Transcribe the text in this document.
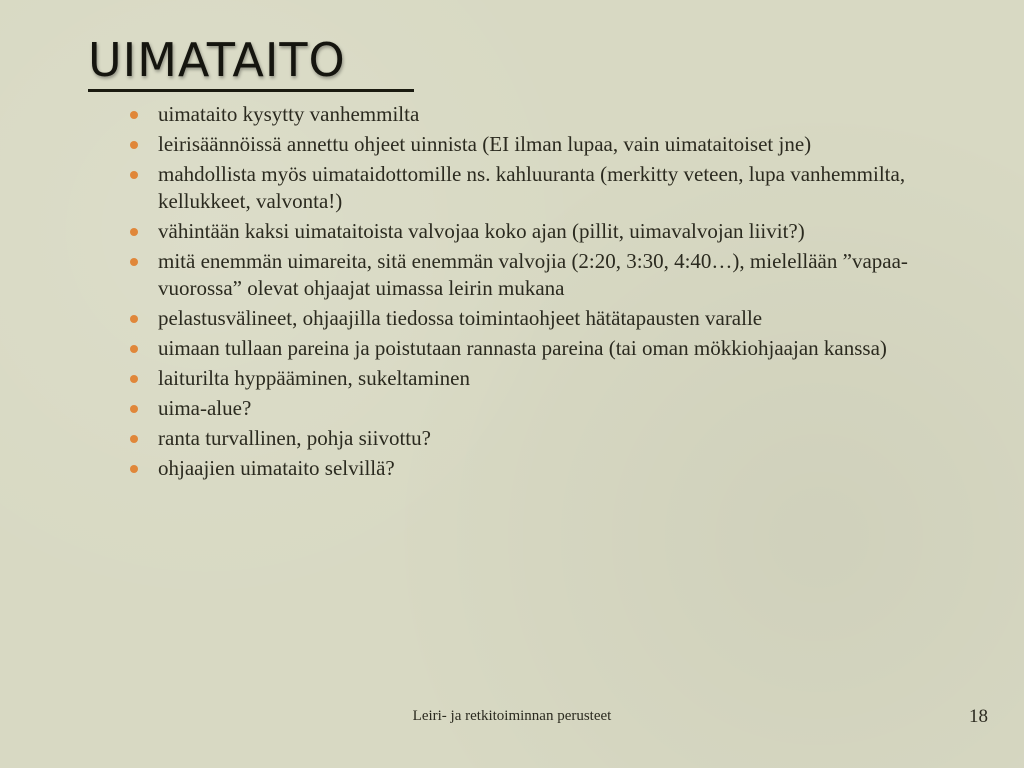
UIMATAITO
uimataito kysytty vanhemmilta
leirisäännöissä annettu ohjeet uinnista (EI ilman lupaa, vain uimataitoiset jne)
mahdollista myös uimataidottomille ns. kahluuranta (merkitty veteen, lupa vanhemmilta, kellukkeet, valvonta!)
vähintään kaksi uimataitoista valvojaa koko ajan (pillit, uimavalvojan liivit?)
mitä enemmän uimareita, sitä enemmän valvojia (2:20, 3:30, 4:40…), mielellään ”vapaa-vuorossa” olevat ohjaajat uimassa leirin mukana
pelastusvälineet, ohjaajilla tiedossa toimintaohjeet hätätapausten varalle
uimaan tullaan pareina ja poistutaan rannasta pareina (tai oman mökkiohjaajan kanssa)
laiturilta hyppääminen, sukeltaminen
uima-alue?
ranta turvallinen, pohja siivottu?
ohjaajien uimataito selvillä?
Leiri- ja retkitoiminnan perusteet	18
